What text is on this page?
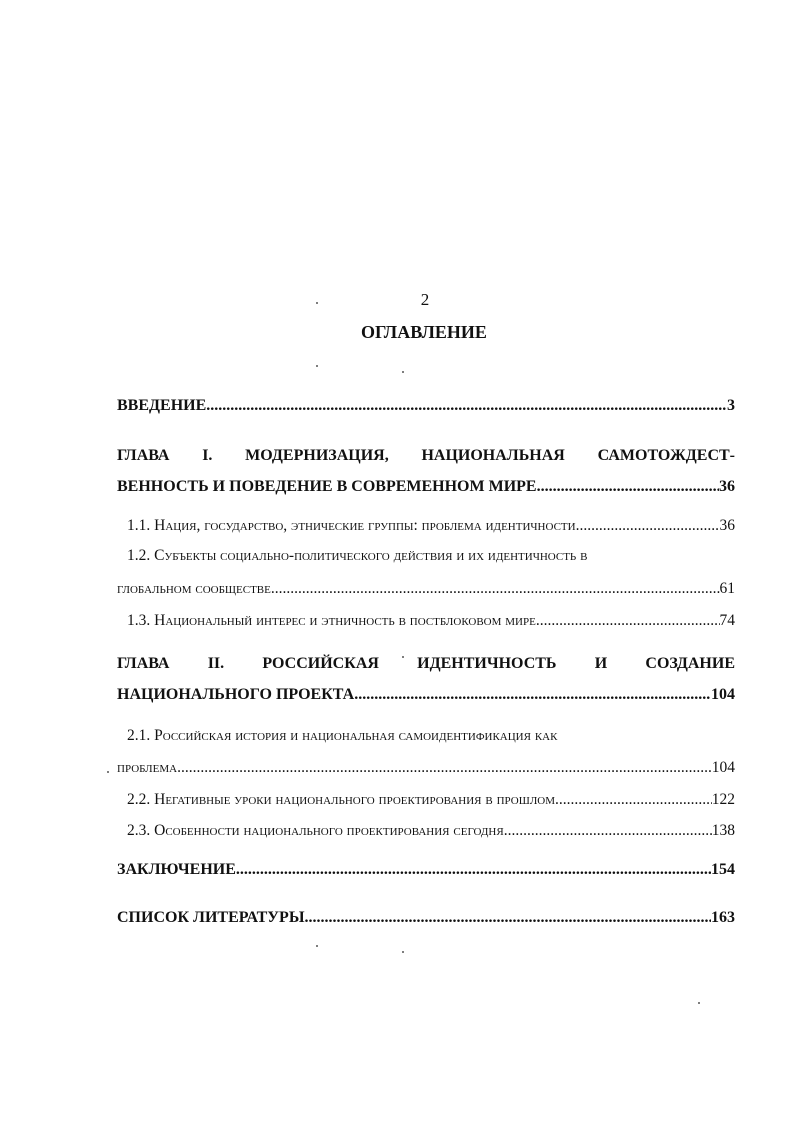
2
ОГЛАВЛЕНИЕ
ВВЕДЕНИЕ .....	3
ГЛАВА I. МОДЕРНИЗАЦИЯ, НАЦИОНАЛЬНАЯ САМОТОЖДЕСТ-
ВЕННОСТЬ И ПОВЕДЕНИЕ В СОВРЕМЕННОМ МИРЕ .....	36
1.1. Нация, государство, этнические группы: проблема идентичности .....	36
1.2. Субъекты социально-политического действия и их идентичность в
глобальном сообществе .....	61
1.3. Национальный интерес и этничность в постблоковом мире .....	74
ГЛАВА II. РОССИЙСКАЯ ИДЕНТИЧНОСТЬ И СОЗДАНИЕ
НАЦИОНАЛЬНОГО ПРОЕКТА .....	104
2.1. Российская история и национальная самоидентификация как
проблема .....	104
2.2. Негативные уроки национального проектирования в прошлом .....	122
2.3. Особенности национального проектирования сегодня .....	138
ЗАКЛЮЧЕНИЕ .....	154
СПИСОК ЛИТЕРАТУРЫ .....	163
